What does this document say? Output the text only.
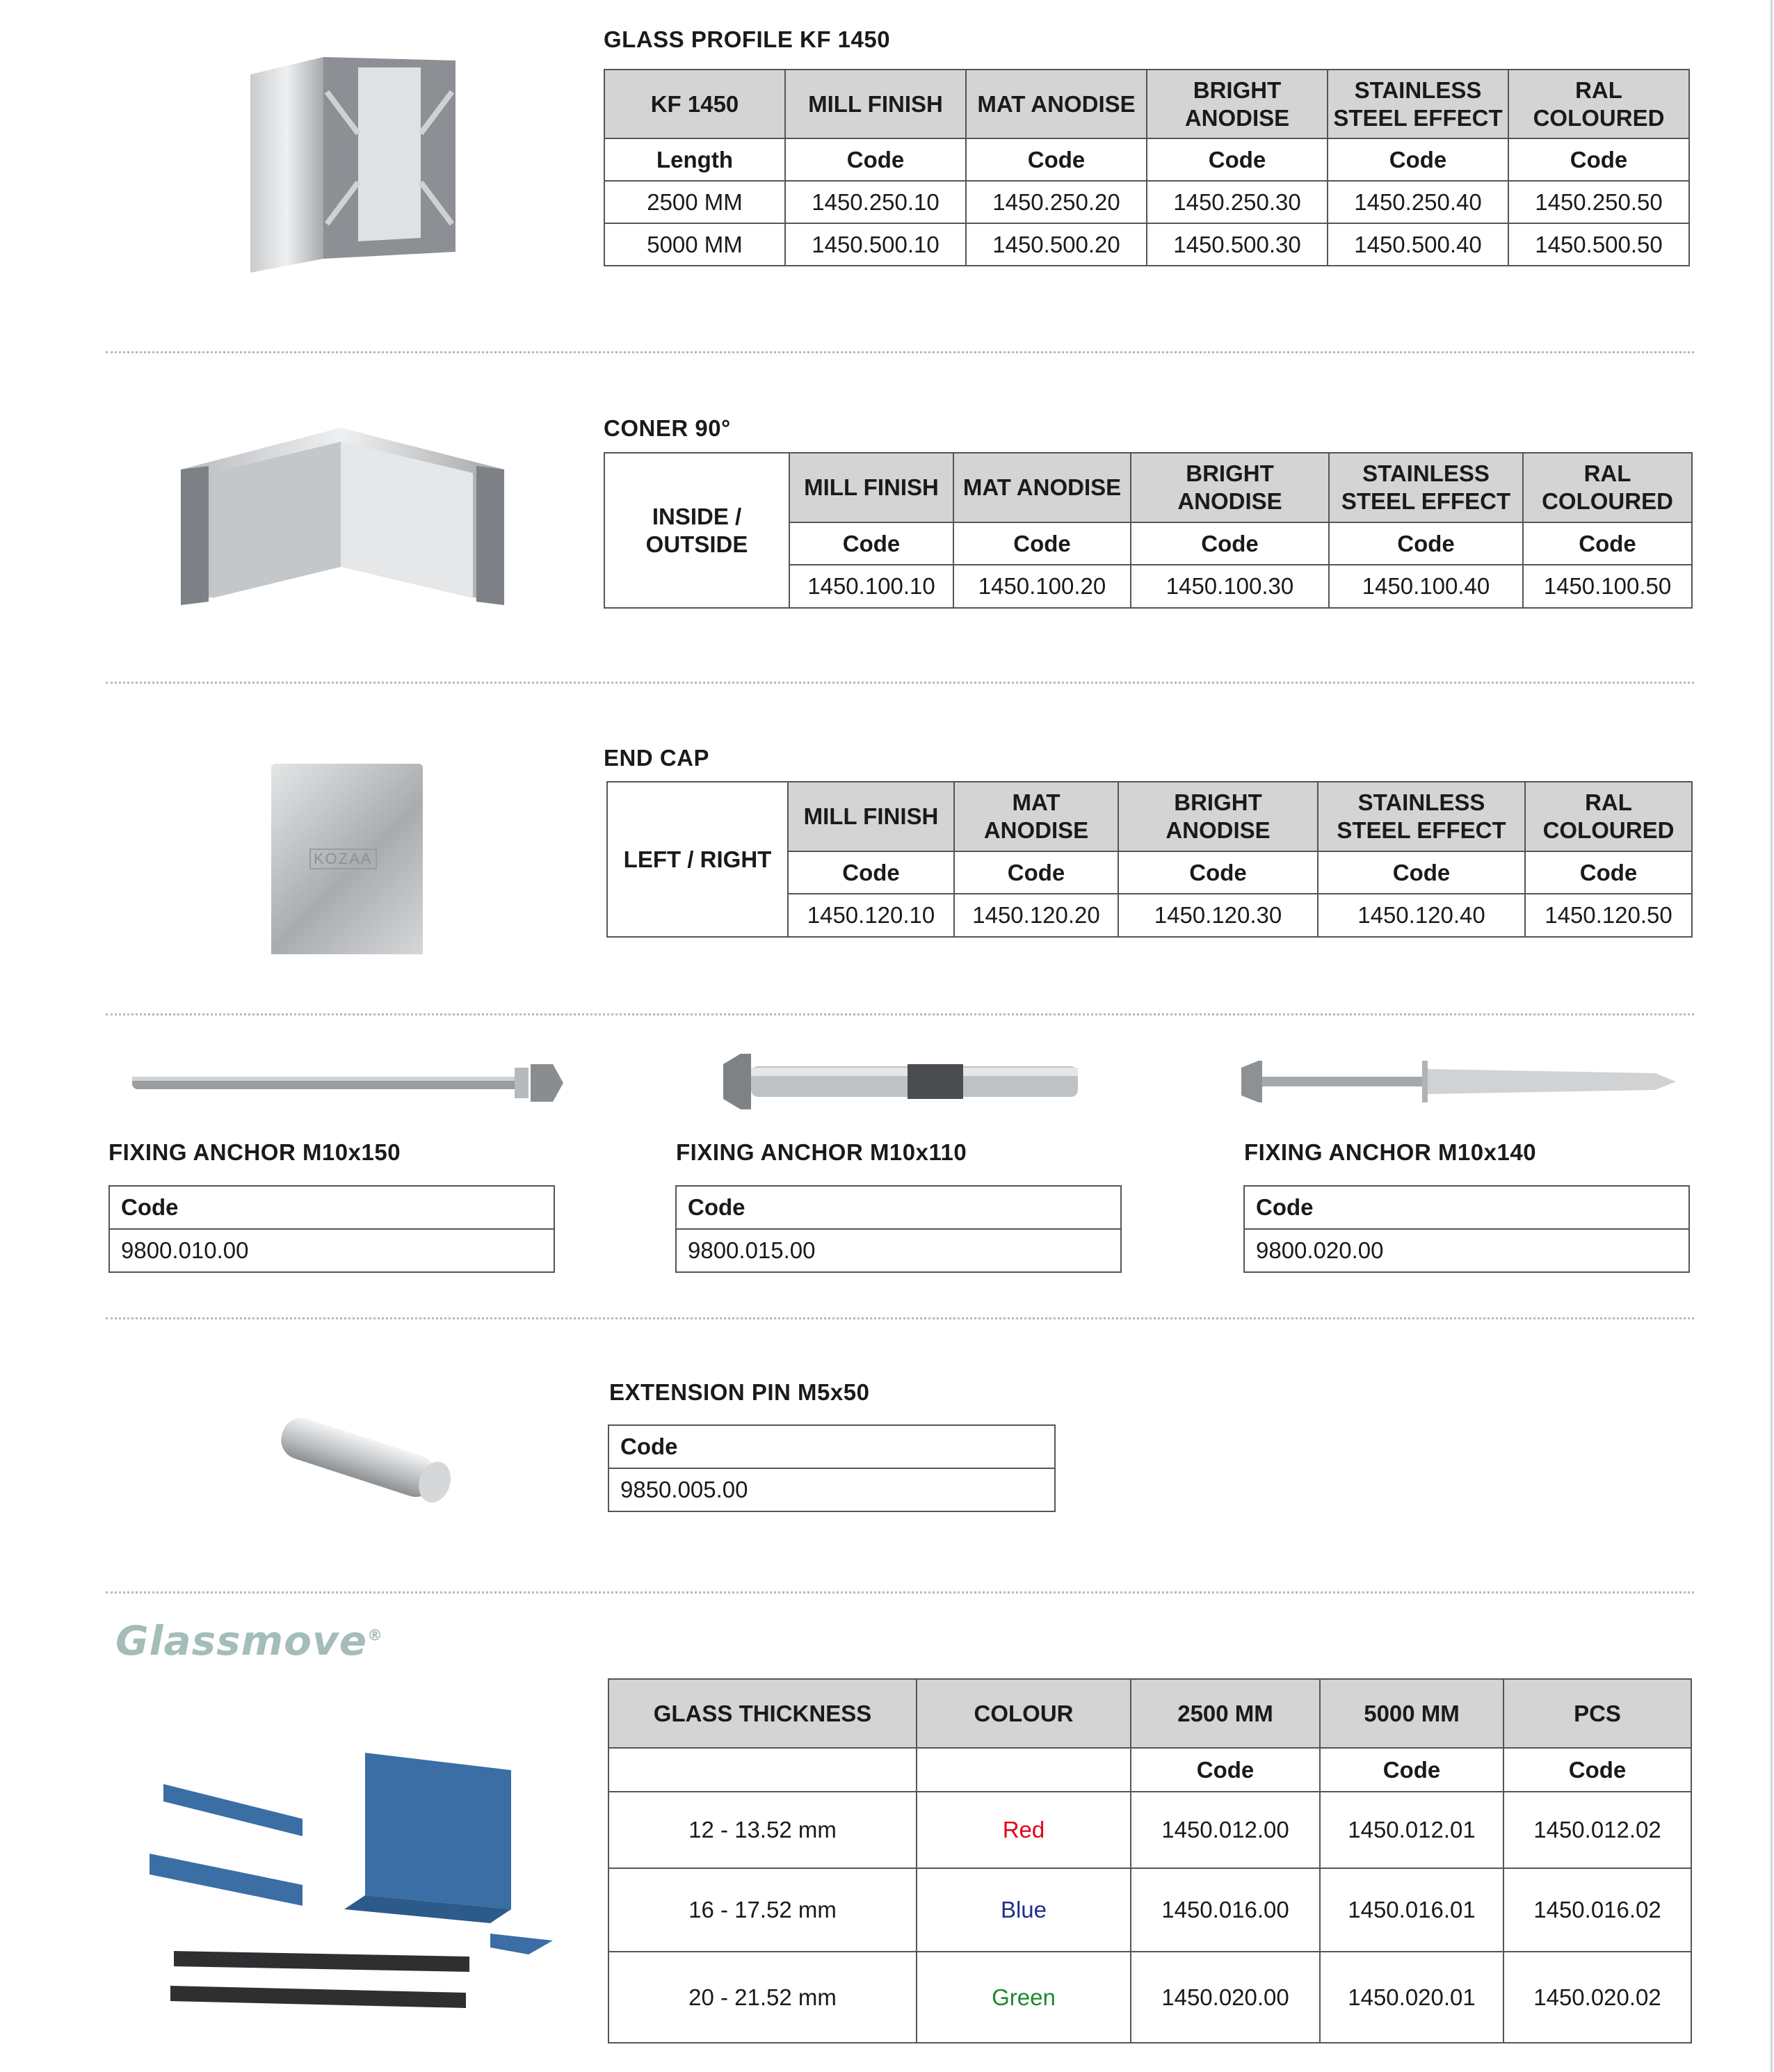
GLASS PROFILE KF 1450
KF 1450	MILL FINISH	MAT ANODISE	BRIGHT ANODISE	STAINLESS STEEL EFFECT	RAL COLOURED
Length	Code	Code	Code	Code	Code
2500 MM	1450.250.10	1450.250.20	1450.250.30	1450.250.40	1450.250.50
5000 MM	1450.500.10	1450.500.20	1450.500.30	1450.500.40	1450.500.50
CONER 90°
INSIDE / OUTSIDE	MILL FINISH	MAT ANODISE	BRIGHT ANODISE	STAINLESS STEEL EFFECT	RAL COLOURED
	Code	Code	Code	Code	Code
	1450.100.10	1450.100.20	1450.100.30	1450.100.40	1450.100.50
KOZAA
END CAP
LEFT / RIGHT	MILL FINISH	MAT ANODISE	BRIGHT ANODISE	STAINLESS STEEL EFFECT	RAL COLOURED
	Code	Code	Code	Code	Code
	1450.120.10	1450.120.20	1450.120.30	1450.120.40	1450.120.50
FIXING ANCHOR M10x150	FIXING ANCHOR M10x110	FIXING ANCHOR M10x140
Code
9800.010.00
Code
9800.015.00
Code
9800.020.00
EXTENSION PIN M5x50
Code
9850.005.00
Glassmove®
GLASS THICKNESS	COLOUR	2500 MM	5000 MM	PCS
		Code	Code	Code
12 - 13.52 mm	Red	1450.012.00	1450.012.01	1450.012.02
16 - 17.52 mm	Blue	1450.016.00	1450.016.01	1450.016.02
20 - 21.52 mm	Green	1450.020.00	1450.020.01	1450.020.02
